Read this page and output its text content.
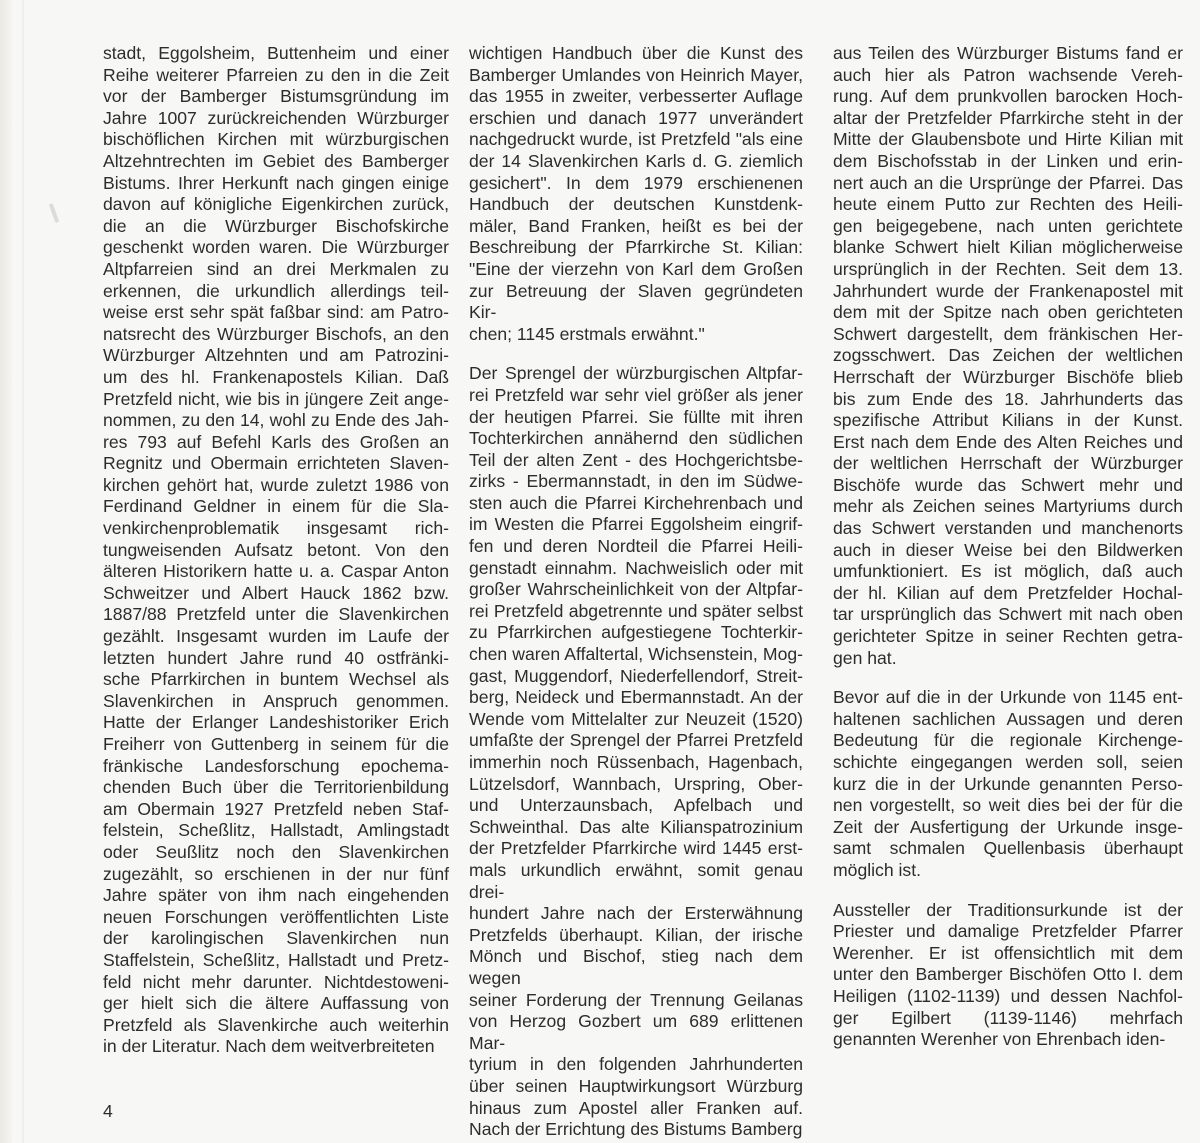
stadt, Eggolsheim, Buttenheim und einer
Reihe weiterer Pfarreien zu den in die Zeit
vor der Bamberger Bistumsgründung im
Jahre 1007 zurückreichenden Würzburger
bischöflichen Kirchen mit würzburgischen
Altzehntrechten im Gebiet des Bamberger
Bistums. Ihrer Herkunft nach gingen einige
davon auf königliche Eigenkirchen zurück,
die an die Würzburger Bischofskirche
geschenkt worden waren. Die Würzburger
Altpfarreien sind an drei Merkmalen zu
erkennen, die urkundlich allerdings teil-
weise erst sehr spät faßbar sind: am Patro-
natsrecht des Würzburger Bischofs, an den
Würzburger Altzehnten und am Patrozini-
um des hl. Frankenapostels Kilian. Daß
Pretzfeld nicht, wie bis in jüngere Zeit ange-
nommen, zu den 14, wohl zu Ende des Jah-
res 793 auf Befehl Karls des Großen an
Regnitz und Obermain errichteten Slaven-
kirchen gehört hat, wurde zuletzt 1986 von
Ferdinand Geldner in einem für die Sla-
venkirchenproblematik insgesamt rich-
tungweisenden Aufsatz betont. Von den
älteren Historikern hatte u. a. Caspar Anton
Schweitzer und Albert Hauck 1862 bzw.
1887/88 Pretzfeld unter die Slavenkirchen
gezählt. Insgesamt wurden im Laufe der
letzten hundert Jahre rund 40 ostfränki-
sche Pfarrkirchen in buntem Wechsel als
Slavenkirchen in Anspruch genommen.
Hatte der Erlanger Landeshistoriker Erich
Freiherr von Guttenberg in seinem für die
fränkische Landesforschung epochema-
chenden Buch über die Territorienbildung
am Obermain 1927 Pretzfeld neben Staf-
felstein, Scheßlitz, Hallstadt, Amlingstadt
oder Seußlitz noch den Slavenkirchen
zugezählt, so erschienen in der nur fünf
Jahre später von ihm nach eingehenden
neuen Forschungen veröffentlichten Liste
der karolingischen Slavenkirchen nun
Staffelstein, Scheßlitz, Hallstadt und Pretz-
feld nicht mehr darunter. Nichtdestoweni-
ger hielt sich die ältere Auffassung von
Pretzfeld als Slavenkirche auch weiterhin
in der Literatur. Nach dem weitverbreiteten
wichtigen Handbuch über die Kunst des
Bamberger Umlandes von Heinrich Mayer,
das 1955 in zweiter, verbesserter Auflage
erschien und danach 1977 unverändert
nachgedruckt wurde, ist Pretzfeld "als eine
der 14 Slavenkirchen Karls d. G. ziemlich
gesichert". In dem 1979 erschienenen
Handbuch der deutschen Kunstdenk-
mäler, Band Franken, heißt es bei der
Beschreibung der Pfarrkirche St. Kilian:
"Eine der vierzehn von Karl dem Großen
zur Betreuung der Slaven gegründeten Kir-
chen; 1145 erstmals erwähnt."
Der Sprengel der würzburgischen Altpfar-
rei Pretzfeld war sehr viel größer als jener
der heutigen Pfarrei. Sie füllte mit ihren
Tochterkirchen annähernd den südlichen
Teil der alten Zent - des Hochgerichtsbe-
zirks - Ebermannstadt, in den im Südwe-
sten auch die Pfarrei Kirchehrenbach und
im Westen die Pfarrei Eggolsheim eingrif-
fen und deren Nordteil die Pfarrei Heili-
genstadt einnahm. Nachweislich oder mit
großer Wahrscheinlichkeit von der Altpfar-
rei Pretzfeld abgetrennte und später selbst
zu Pfarrkirchen aufgestiegene Tochterkir-
chen waren Affaltertal, Wichsenstein, Mog-
gast, Muggendorf, Niederfellendorf, Streit-
berg, Neideck und Ebermannstadt. An der
Wende vom Mittelalter zur Neuzeit (1520)
umfaßte der Sprengel der Pfarrei Pretzfeld
immerhin noch Rüssenbach, Hagenbach,
Lützelsdorf, Wannbach, Urspring, Ober-
und Unterzaunsbach, Apfelbach und
Schweinthal. Das alte Kilianspatrozinium
der Pretzfelder Pfarrkirche wird 1445 erst-
mals urkundlich erwähnt, somit genau drei-
hundert Jahre nach der Ersterwähnung
Pretzfelds überhaupt. Kilian, der irische
Mönch und Bischof, stieg nach dem wegen
seiner Forderung der Trennung Geilanas
von Herzog Gozbert um 689 erlittenen Mar-
tyrium in den folgenden Jahrhunderten
über seinen Hauptwirkungsort Würzburg
hinaus zum Apostel aller Franken auf.
Nach der Errichtung des Bistums Bamberg
aus Teilen des Würzburger Bistums fand er
auch hier als Patron wachsende Vereh-
rung. Auf dem prunkvollen barocken Hoch-
altar der Pretzfelder Pfarrkirche steht in der
Mitte der Glaubensbote und Hirte Kilian mit
dem Bischofsstab in der Linken und erin-
nert auch an die Ursprünge der Pfarrei. Das
heute einem Putto zur Rechten des Heili-
gen beigegebene, nach unten gerichtete
blanke Schwert hielt Kilian möglicherweise
ursprünglich in der Rechten. Seit dem 13.
Jahrhundert wurde der Frankenapostel mit
dem mit der Spitze nach oben gerichteten
Schwert dargestellt, dem fränkischen Her-
zogsschwert. Das Zeichen der weltlichen
Herrschaft der Würzburger Bischöfe blieb
bis zum Ende des 18. Jahrhunderts das
spezifische Attribut Kilians in der Kunst.
Erst nach dem Ende des Alten Reiches und
der weltlichen Herrschaft der Würzburger
Bischöfe wurde das Schwert mehr und
mehr als Zeichen seines Martyriums durch
das Schwert verstanden und manchenorts
auch in dieser Weise bei den Bildwerken
umfunktioniert. Es ist möglich, daß auch
der hl. Kilian auf dem Pretzfelder Hochal-
tar ursprünglich das Schwert mit nach oben
gerichteter Spitze in seiner Rechten getra-
gen hat.
Bevor auf die in der Urkunde von 1145 ent-
haltenen sachlichen Aussagen und deren
Bedeutung für die regionale Kirchenge-
schichte eingegangen werden soll, seien
kurz die in der Urkunde genannten Perso-
nen vorgestellt, so weit dies bei der für die
Zeit der Ausfertigung der Urkunde insge-
samt schmalen Quellenbasis überhaupt
möglich ist.
Aussteller der Traditionsurkunde ist der
Priester und damalige Pretzfelder Pfarrer
Werenher. Er ist offensichtlich mit dem
unter den Bamberger Bischöfen Otto I. dem
Heiligen (1102-1139) und dessen Nachfol-
ger Egilbert (1139-1146) mehrfach
genannten Werenher von Ehrenbach iden-
4
